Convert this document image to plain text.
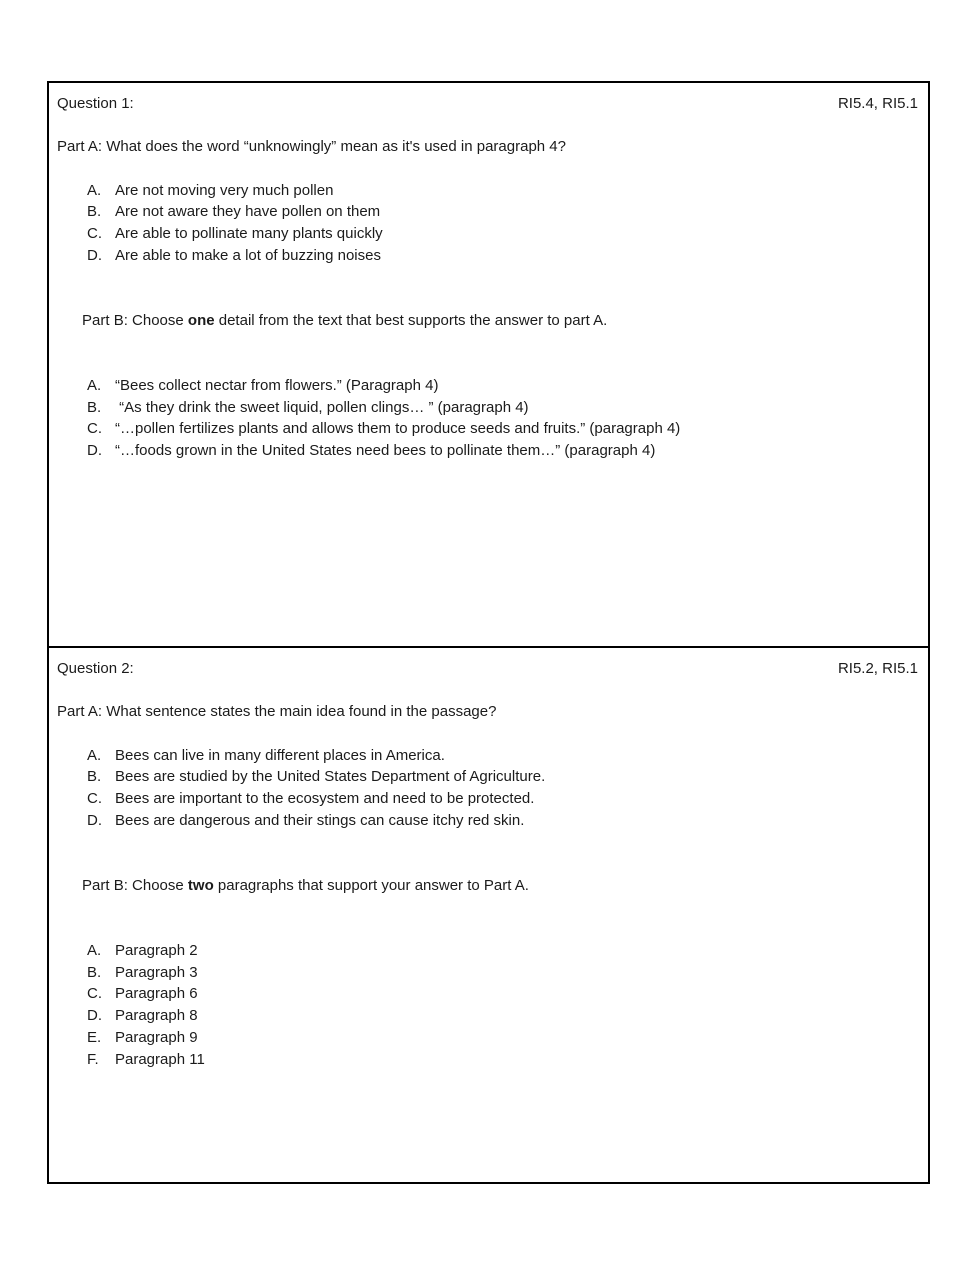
Question 1:	RI5.4, RI5.1
Part A: What does the word “unknowingly” mean as it's used in paragraph 4?
A. Are not moving very much pollen
B. Are not aware they have pollen on them
C. Are able to pollinate many plants quickly
D. Are able to make a lot of buzzing noises

Part B: Choose one detail from the text that best supports the answer to part A.

A. “Bees collect nectar from flowers.” (Paragraph 4)
B. “As they drink the sweet liquid, pollen clings… ” (paragraph 4)
C. “…pollen fertilizes plants and allows them to produce seeds and fruits.” (paragraph 4)
D. “…foods grown in the United States need bees to pollinate them…” (paragraph 4)
Question 2:	RI5.2, RI5.1
Part A: What sentence states the main idea found in the passage?
A. Bees can live in many different places in America.
B. Bees are studied by the United States Department of Agriculture.
C. Bees are important to the ecosystem and need to be protected.
D. Bees are dangerous and their stings can cause itchy red skin.

Part B: Choose two paragraphs that support your answer to Part A.

A. Paragraph 2
B. Paragraph 3
C. Paragraph 6
D. Paragraph 8
E. Paragraph 9
F.	Paragraph 11
